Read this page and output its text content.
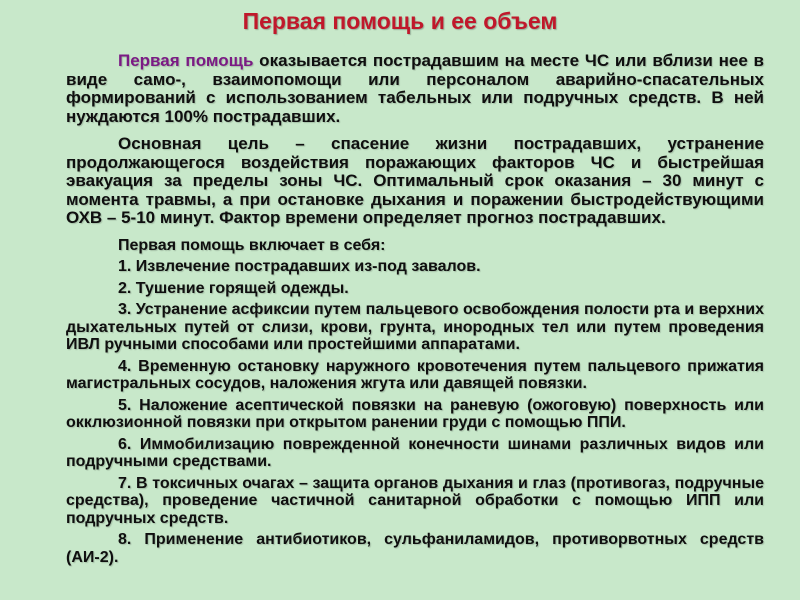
Первая помощь и ее объем

Первая помощь оказывается пострадавшим на месте ЧС или вблизи нее в виде само-, взаимопомощи или персоналом аварийно-спасательных формирований с использованием табельных или подручных средств. В ней нуждаются 100% пострадавших.

Основная цель – спасение жизни пострадавших, устранение продолжающегося воздействия поражающих факторов ЧС и быстрейшая эвакуация за пределы зоны ЧС. Оптимальный срок оказания – 30 минут с момента травмы, а при остановке дыхания и поражении быстродействующими ОХВ – 5-10 минут. Фактор времени определяет прогноз пострадавших.

Первая помощь включает в себя:

1. Извлечение пострадавших из-под завалов.

2. Тушение горящей одежды.

3. Устранение асфиксии путем пальцевого освобождения полости рта и верхних дыхательных путей от слизи, крови, грунта, инородных тел или путем проведения ИВЛ ручными способами или простейшими аппаратами.

4. Временную остановку наружного кровотечения путем пальцевого прижатия магистральных сосудов, наложения жгута или давящей повязки.

5. Наложение асептической повязки на раневую (ожоговую) поверхность или окклюзионной повязки при открытом ранении груди с помощью ППИ.

6. Иммобилизацию поврежденной конечности шинами различных видов или подручными средствами.

7. В токсичных очагах – защита органов дыхания и глаз (противогаз, подручные средства), проведение частичной санитарной обработки с помощью ИПП или подручных средств.

8. Применение антибиотиков, сульфаниламидов, противорвотных средств (АИ-2).
